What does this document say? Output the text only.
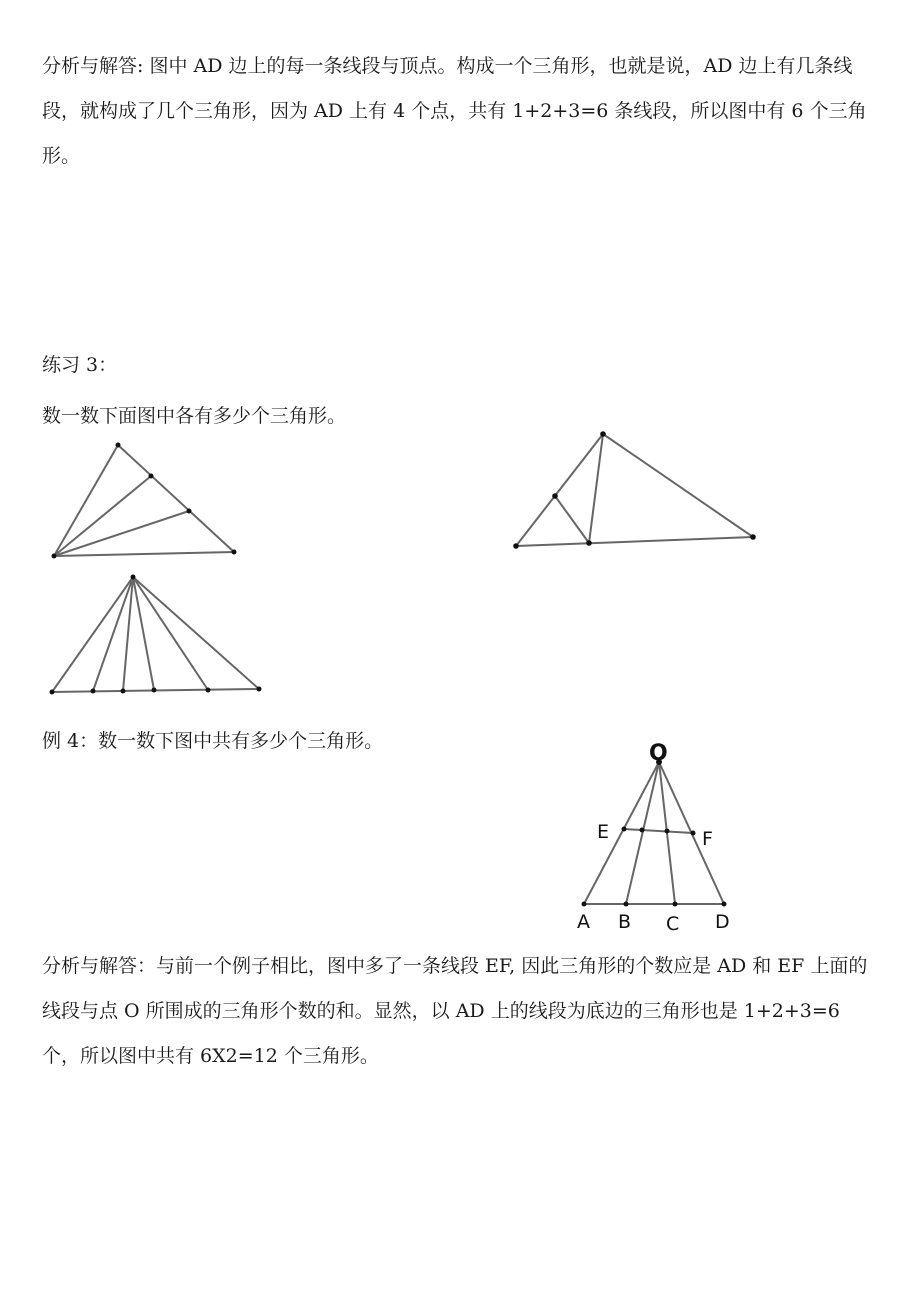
分析与解答: 图中 AD 边上的每一条线段与顶点。构成一个三角形，也就是说，AD 边上有几条线段，就构成了几个三角形，因为 AD 上有 4 个点，共有 1+2+3=6 条线段，所以图中有 6 个三角形。

练习 3：

数一数下面图中各有多少个三角形。

例 4：数一数下图中共有多少个三角形。	O
E	F
A B C D

分析与解答：与前一个例子相比，图中多了一条线段 EF, 因此三角形的个数应是 AD 和 EF 上面的线段与点 O 所围成的三角形个数的和。显然，以 AD 上的线段为底边的三角形也是 1+2+3=6 个，所以图中共有 6X2=12 个三角形。
